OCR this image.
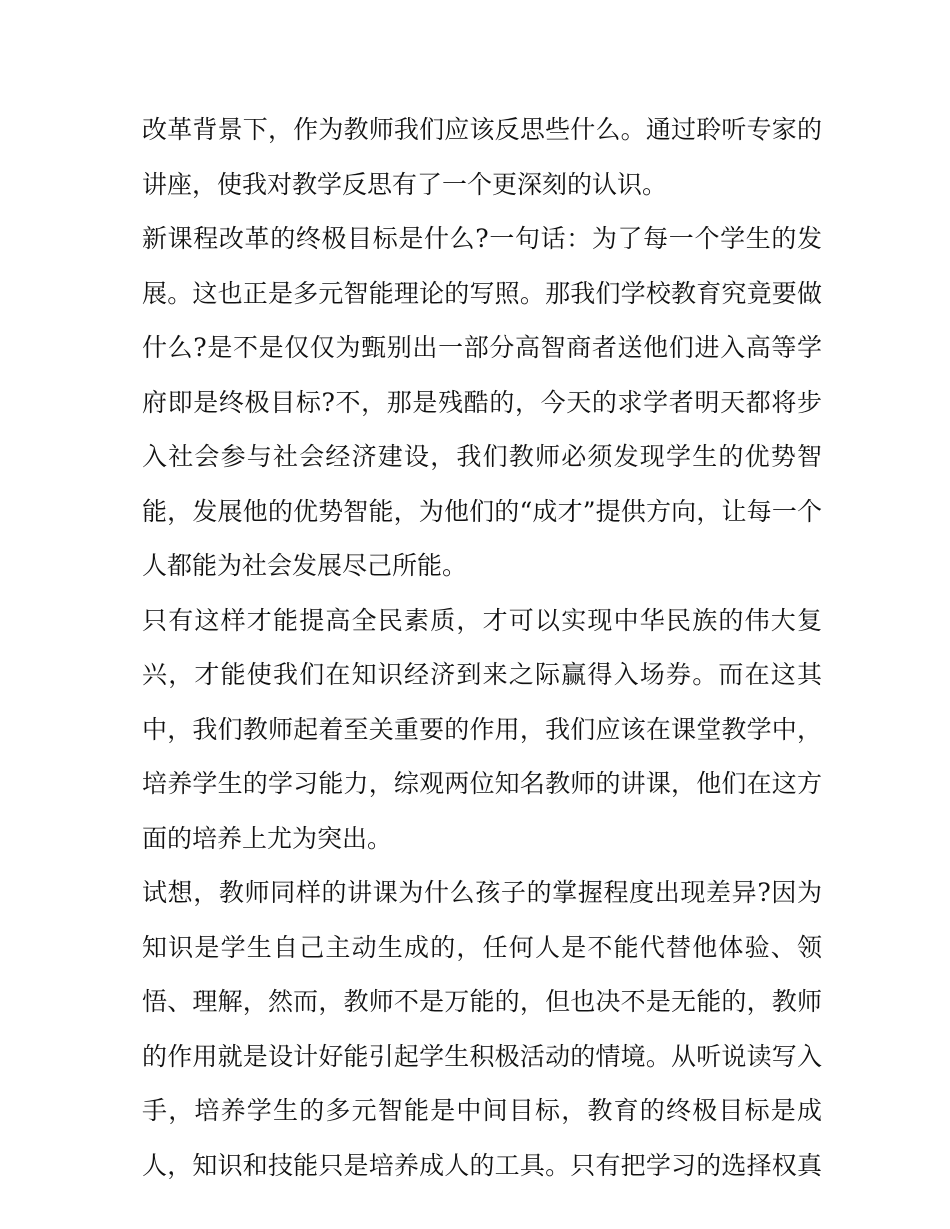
改革背景下，作为教师我们应该反思些什么。通过聆听专家的
讲座，使我对教学反思有了一个更深刻的认识。
新课程改革的终极目标是什么?一句话：为了每一个学生的发
展。这也正是多元智能理论的写照。那我们学校教育究竟要做
什么?是不是仅仅为甄别出一部分高智商者送他们进入高等学
府即是终极目标?不，那是残酷的，今天的求学者明天都将步
入社会参与社会经济建设，我们教师必须发现学生的优势智
能，发展他的优势智能，为他们的“成才”提供方向，让每一个
人都能为社会发展尽己所能。
只有这样才能提高全民素质，才可以实现中华民族的伟大复
兴，才能使我们在知识经济到来之际赢得入场券。而在这其
中，我们教师起着至关重要的作用，我们应该在课堂教学中，
培养学生的学习能力，综观两位知名教师的讲课，他们在这方
面的培养上尤为突出。
试想，教师同样的讲课为什么孩子的掌握程度出现差异?因为
知识是学生自己主动生成的，任何人是不能代替他体验、领
悟、理解，然而，教师不是万能的，但也决不是无能的，教师
的作用就是设计好能引起学生积极活动的情境。从听说读写入
手，培养学生的多元智能是中间目标，教育的终极目标是成
人，知识和技能只是培养成人的工具。只有把学习的选择权真
